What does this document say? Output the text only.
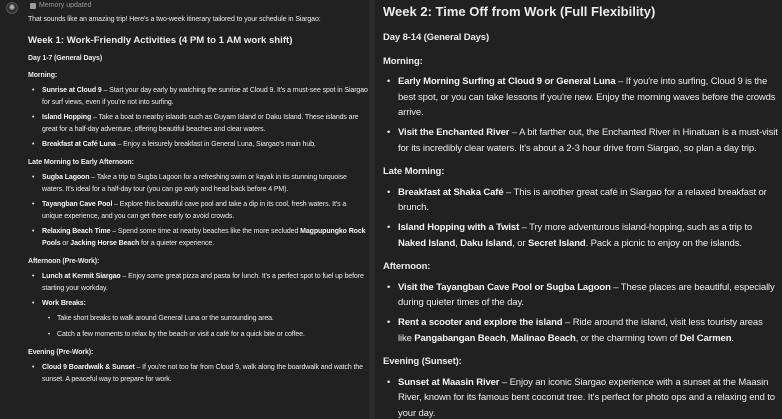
✺	Memory updated

That sounds like an amazing trip! Here's a two-week itinerary tailored to your schedule in Siargao:

Week 1: Work-Friendly Activities (4 PM to 1 AM work shift)

Day 1-7 (General Days)

Morning:

• Sunrise at Cloud 9 – Start your day early by watching the sunrise at Cloud 9. It's a must-see spot in Siargao for surf views, even if you're not into surfing.
• Island Hopping – Take a boat to nearby islands such as Guyam Island or Daku Island. These islands are great for a half-day adventure, offering beautiful beaches and clear waters.
• Breakfast at Café Luna – Enjoy a leisurely breakfast in General Luna, Siargao's main hub.

Late Morning to Early Afternoon:

• Sugba Lagoon – Take a trip to Sugba Lagoon for a refreshing swim or kayak in its stunning turquoise waters. It's ideal for a half-day tour (you can go early and head back before 4 PM).
• Tayangban Cave Pool – Explore this beautiful cave pool and take a dip in its cool, fresh waters. It's a unique experience, and you can get there early to avoid crowds.
• Relaxing Beach Time – Spend some time at nearby beaches like the more secluded Magpupungko Rock Pools or Jacking Horse Beach for a quieter experience.

Afternoon (Pre-Work):

• Lunch at Kermit Siargao – Enjoy some great pizza and pasta for lunch. It's a perfect spot to fuel up before starting your workday.
• Work Breaks:
• Take short breaks to walk around General Luna or the surrounding area.
• Catch a few moments to relax by the beach or visit a café for a quick bite or coffee.

Evening (Pre-Work):

• Cloud 9 Boardwalk & Sunset – If you're not too far from Cloud 9, walk along the boardwalk and watch the sunset. A peaceful way to prepare for work.
Week 2: Time Off from Work (Full Flexibility)

Day 8-14 (General Days)

Morning:

• Early Morning Surfing at Cloud 9 or General Luna – If you're into surfing, Cloud 9 is the best spot, or you can take lessons if you're new. Enjoy the morning waves before the crowds arrive.
• Visit the Enchanted River – A bit farther out, the Enchanted River in Hinatuan is a must-visit for its incredibly clear waters. It's about a 2-3 hour drive from Siargao, so plan a day trip.

Late Morning:

• Breakfast at Shaka Café – This is another great café in Siargao for a relaxed breakfast or brunch.
• Island Hopping with a Twist – Try more adventurous island-hopping, such as a trip to Naked Island, Daku Island, or Secret Island. Pack a picnic to enjoy on the islands.

Afternoon:

• Visit the Tayangban Cave Pool or Sugba Lagoon – These places are beautiful, especially during quieter times of the day.
• Rent a scooter and explore the island – Ride around the island, visit less touristy areas like Pangabangan Beach, Malinao Beach, or the charming town of Del Carmen.

Evening (Sunset):

• Sunset at Maasin River – Enjoy an iconic Siargao experience with a sunset at the Maasin River, known for its famous bent coconut tree. It's perfect for photo ops and a relaxing end to your day.
